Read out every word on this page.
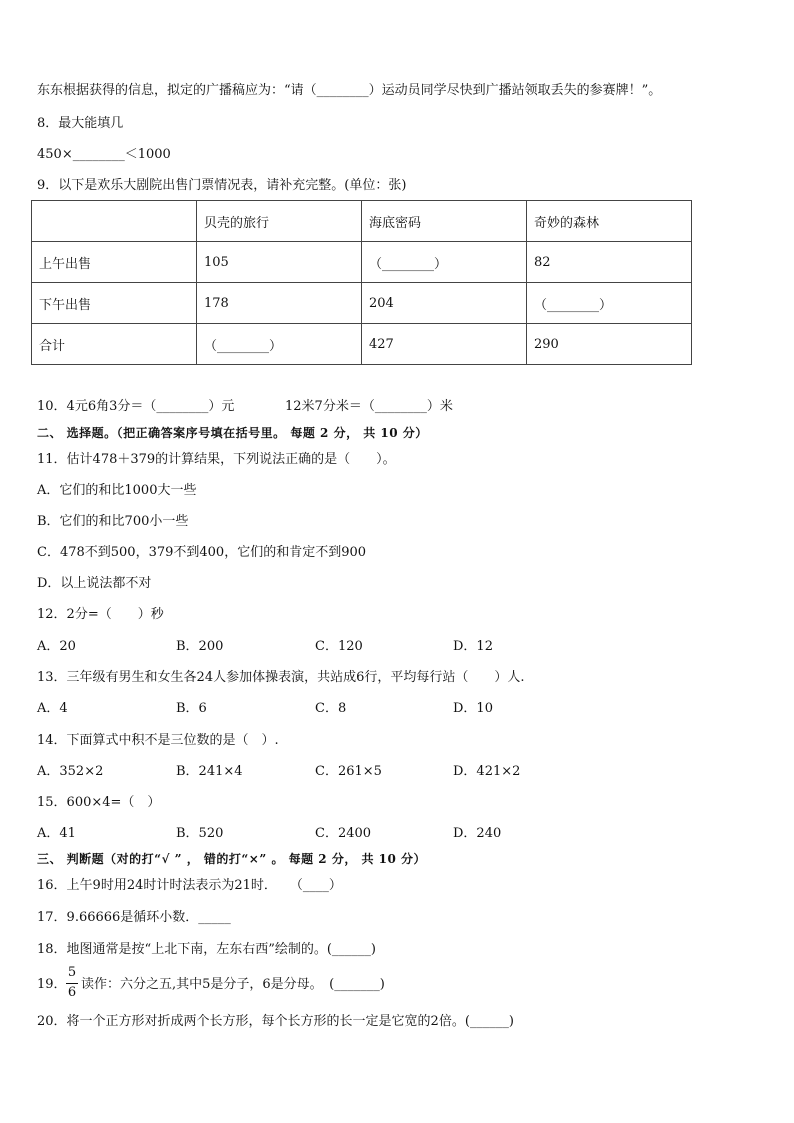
东东根据获得的信息，拟定的广播稿应为：“请（________）运动员同学尽快到广播站领取丢失的参赛牌！”。
8．最大能填几
450×________＜1000
9．以下是欢乐大剧院出售门票情况表，请补充完整。(单位：张)
	贝壳的旅行	海底密码	奇妙的森林
上午出售	105	（________）	82
下午出售	178	204	（________）
合计	（________）	427	290
10．4元6角3分＝（________）元	12米7分米＝（________）米
二、 选择题。（把正确答案序号填在括号里。 每题 2 分， 共 10 分）
11．估计478＋379的计算结果，下列说法正确的是（　　）。
A．它们的和比1000大一些
B．它们的和比700小一些
C．478不到500，379不到400，它们的和肯定不到900
D．以上说法都不对
12．2分=（　　）秒
A．20	B．200	C．120	D．12
13．三年级有男生和女生各24人参加体操表演，共站成6行，平均每行站（　　）人.
A．4	B．6	C．8	D．10
14．下面算式中积不是三位数的是（　）.
A．352×2	B．241×4	C．261×5	D．421×2
15．600×4=（　）
A．41	B．520	C．2400	D．240
三、 判断题（对的打“√ ” ， 错的打“×” 。 每题 2 分， 共 10 分）
16．上午9时用24时计时法表示为21时．　　（____）
17．9.66666是循环小数．_____
18．地图通常是按“上北下南，左东右西”绘制的。(______)
19．
5
6
读作：六分之五,其中5是分子，6是分母。　(_______)
20．将一个正方形对折成两个长方形，每个长方形的长一定是它宽的2倍。(______)
